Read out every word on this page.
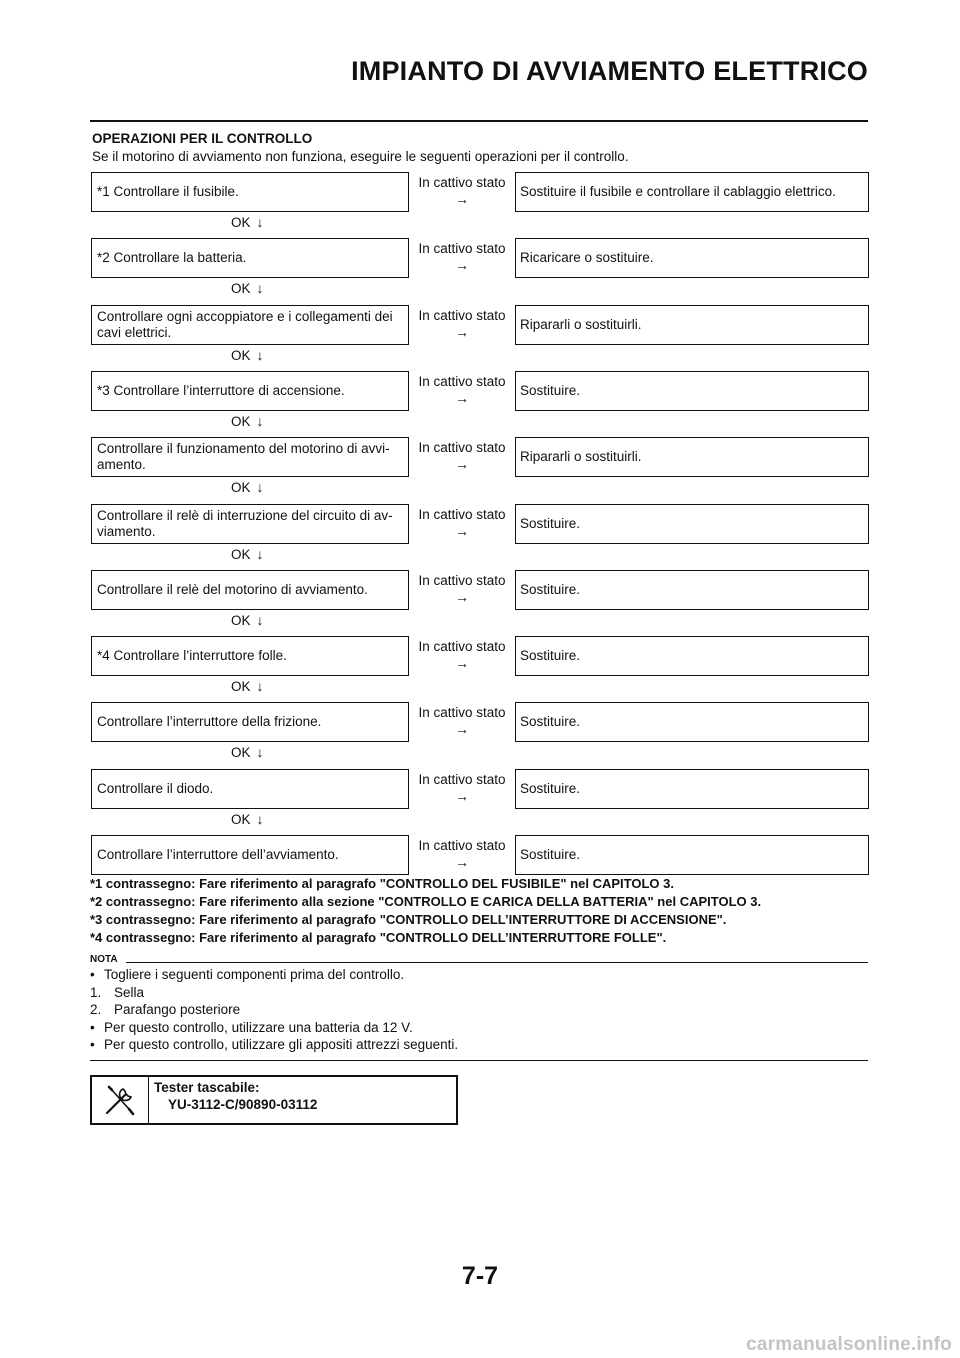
IMPIANTO DI AVVIAMENTO ELETTRICO
OPERAZIONI PER IL CONTROLLO
Se il motorino di avviamento non funziona, eseguire le seguenti operazioni per il controllo.
*1 Controllare il fusibile.
In cattivo stato
→	Sostituire il fusibile e controllare il cablaggio elettrico.
OK ↓
*2 Controllare la batteria.
In cattivo stato
→	Ricaricare o sostituire.
OK ↓
Controllare ogni accoppiatore e i collegamenti dei cavi elettrici.
In cattivo stato
→	Ripararli o sostituirli.
OK ↓
*3 Controllare l’interruttore di accensione.
In cattivo stato
→	Sostituire.
OK ↓
Controllare il funzionamento del motorino di avvi-amento.
In cattivo stato
→	Ripararli o sostituirli.
OK ↓
Controllare il relè di interruzione del circuito di av-viamento.
In cattivo stato
→	Sostituire.
OK ↓
Controllare il relè del motorino di avviamento.
In cattivo stato
→	Sostituire.
OK ↓
*4 Controllare l’interruttore folle.
In cattivo stato
→	Sostituire.
OK ↓
Controllare l’interruttore della frizione.
In cattivo stato
→	Sostituire.
OK ↓
Controllare il diodo.
In cattivo stato
→	Sostituire.
OK ↓
Controllare l’interruttore dell’avviamento.
In cattivo stato
→	Sostituire.
*1 contrassegno: Fare riferimento al paragrafo "CONTROLLO DEL FUSIBILE" nel CAPITOLO 3.
*2 contrassegno: Fare riferimento alla sezione "CONTROLLO E CARICA DELLA BATTERIA" nel CAPITOLO 3.
*3 contrassegno: Fare riferimento al paragrafo "CONTROLLO DELL’INTERRUTTORE DI ACCENSIONE".
*4 contrassegno: Fare riferimento al paragrafo "CONTROLLO DELL’INTERRUTTORE FOLLE".
NOTA
• Togliere i seguenti componenti prima del controllo.
1. Sella
2. Parafango posteriore
• Per questo controllo, utilizzare una batteria da 12 V.
• Per questo controllo, utilizzare gli appositi attrezzi seguenti.
Tester tascabile:
YU-3112-C/90890-03112
7-7
carmanualsonline.info
